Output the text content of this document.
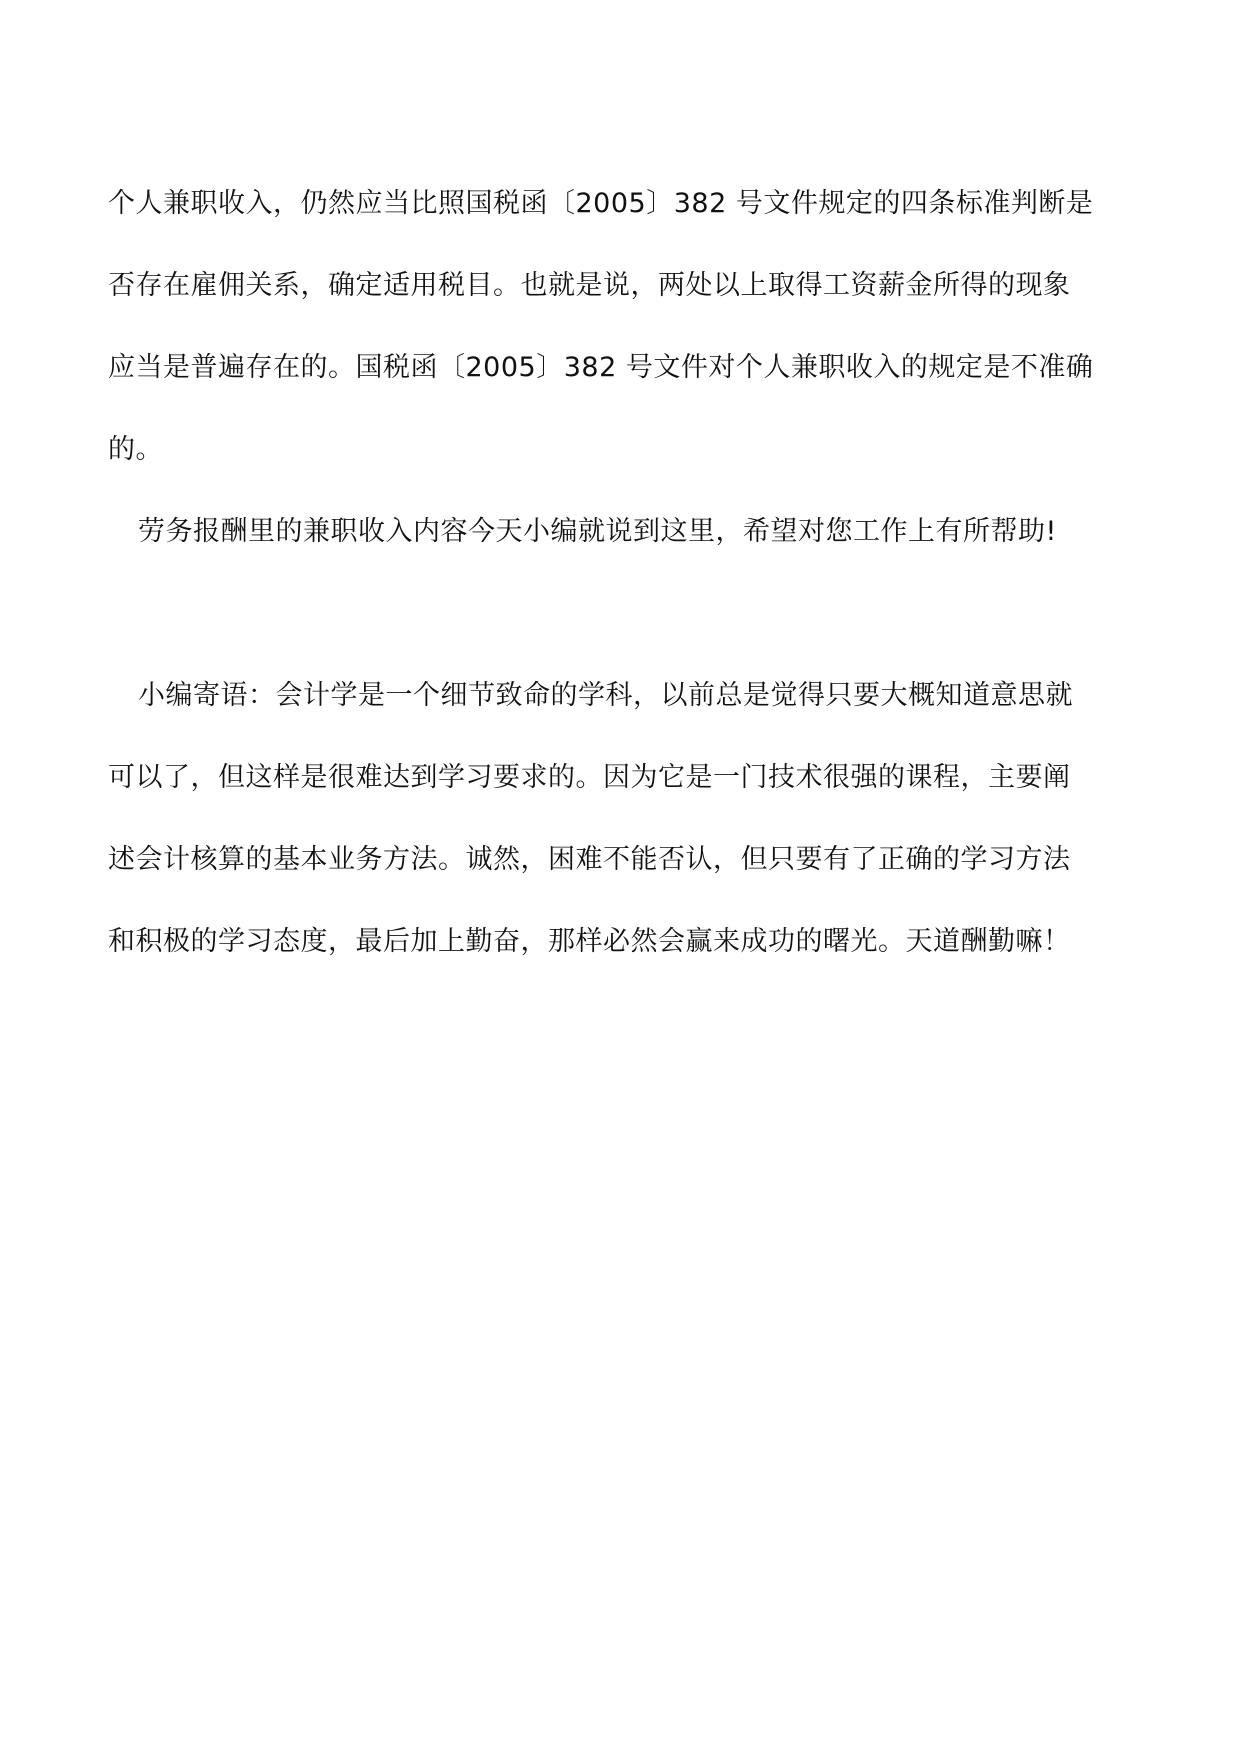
个人兼职收入，仍然应当比照国税函〔2005〕382 号文件规定的四条标准判断是
否存在雇佣关系，确定适用税目。也就是说，两处以上取得工资薪金所得的现象
应当是普遍存在的。国税函〔2005〕382 号文件对个人兼职收入的规定是不准确
的。
劳务报酬里的兼职收入内容今天小编就说到这里，希望对您工作上有所帮助!
小编寄语：会计学是一个细节致命的学科，以前总是觉得只要大概知道意思就
可以了，但这样是很难达到学习要求的。因为它是一门技术很强的课程，主要阐
述会计核算的基本业务方法。诚然，困难不能否认，但只要有了正确的学习方法
和积极的学习态度，最后加上勤奋，那样必然会赢来成功的曙光。天道酬勤嘛！
